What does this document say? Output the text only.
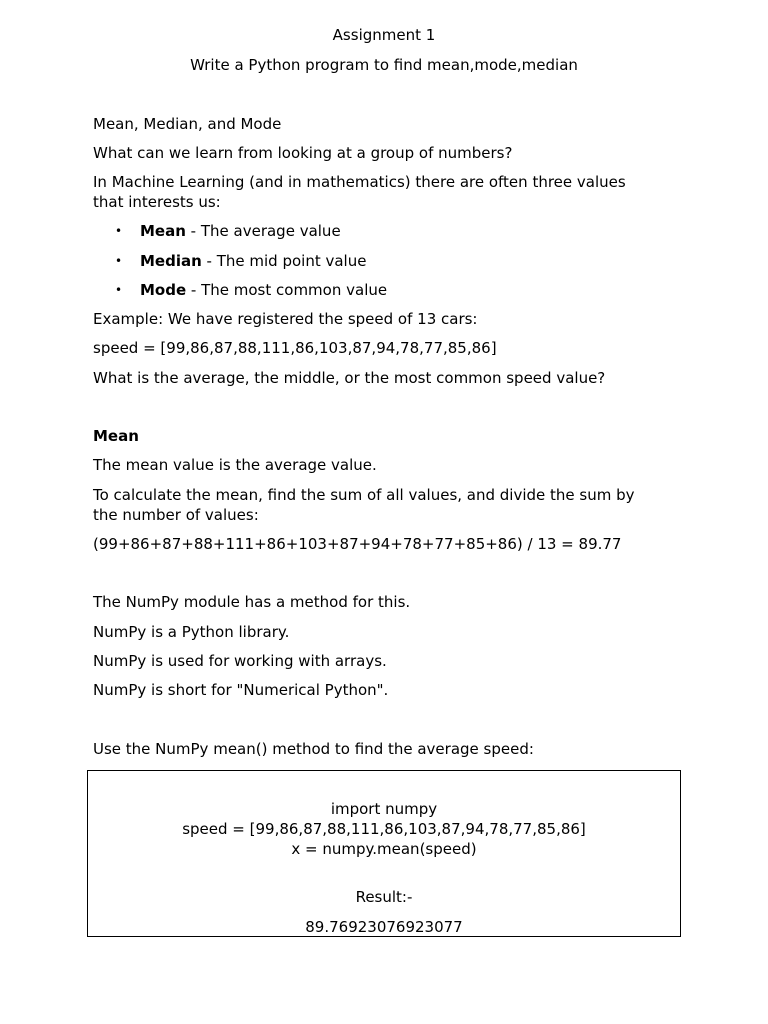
Assignment 1
Write a Python program to find mean,mode,median
Mean, Median, and Mode
What can we learn from looking at a group of numbers?
In Machine Learning (and in mathematics) there are often three values
that interests us:
• Mean - The average value
• Median - The mid point value
• Mode - The most common value
Example: We have registered the speed of 13 cars:
speed = [99,86,87,88,111,86,103,87,94,78,77,85,86]
What is the average, the middle, or the most common speed value?
Mean
The mean value is the average value.
To calculate the mean, find the sum of all values, and divide the sum by
the number of values:
(99+86+87+88+111+86+103+87+94+78+77+85+86) / 13 = 89.77
The NumPy module has a method for this.
NumPy is a Python library.
NumPy is used for working with arrays.
NumPy is short for "Numerical Python".
Use the NumPy mean() method to find the average speed:
import numpy
speed = [99,86,87,88,111,86,103,87,94,78,77,85,86]
x = numpy.mean(speed)
Result:-
89.76923076923077
